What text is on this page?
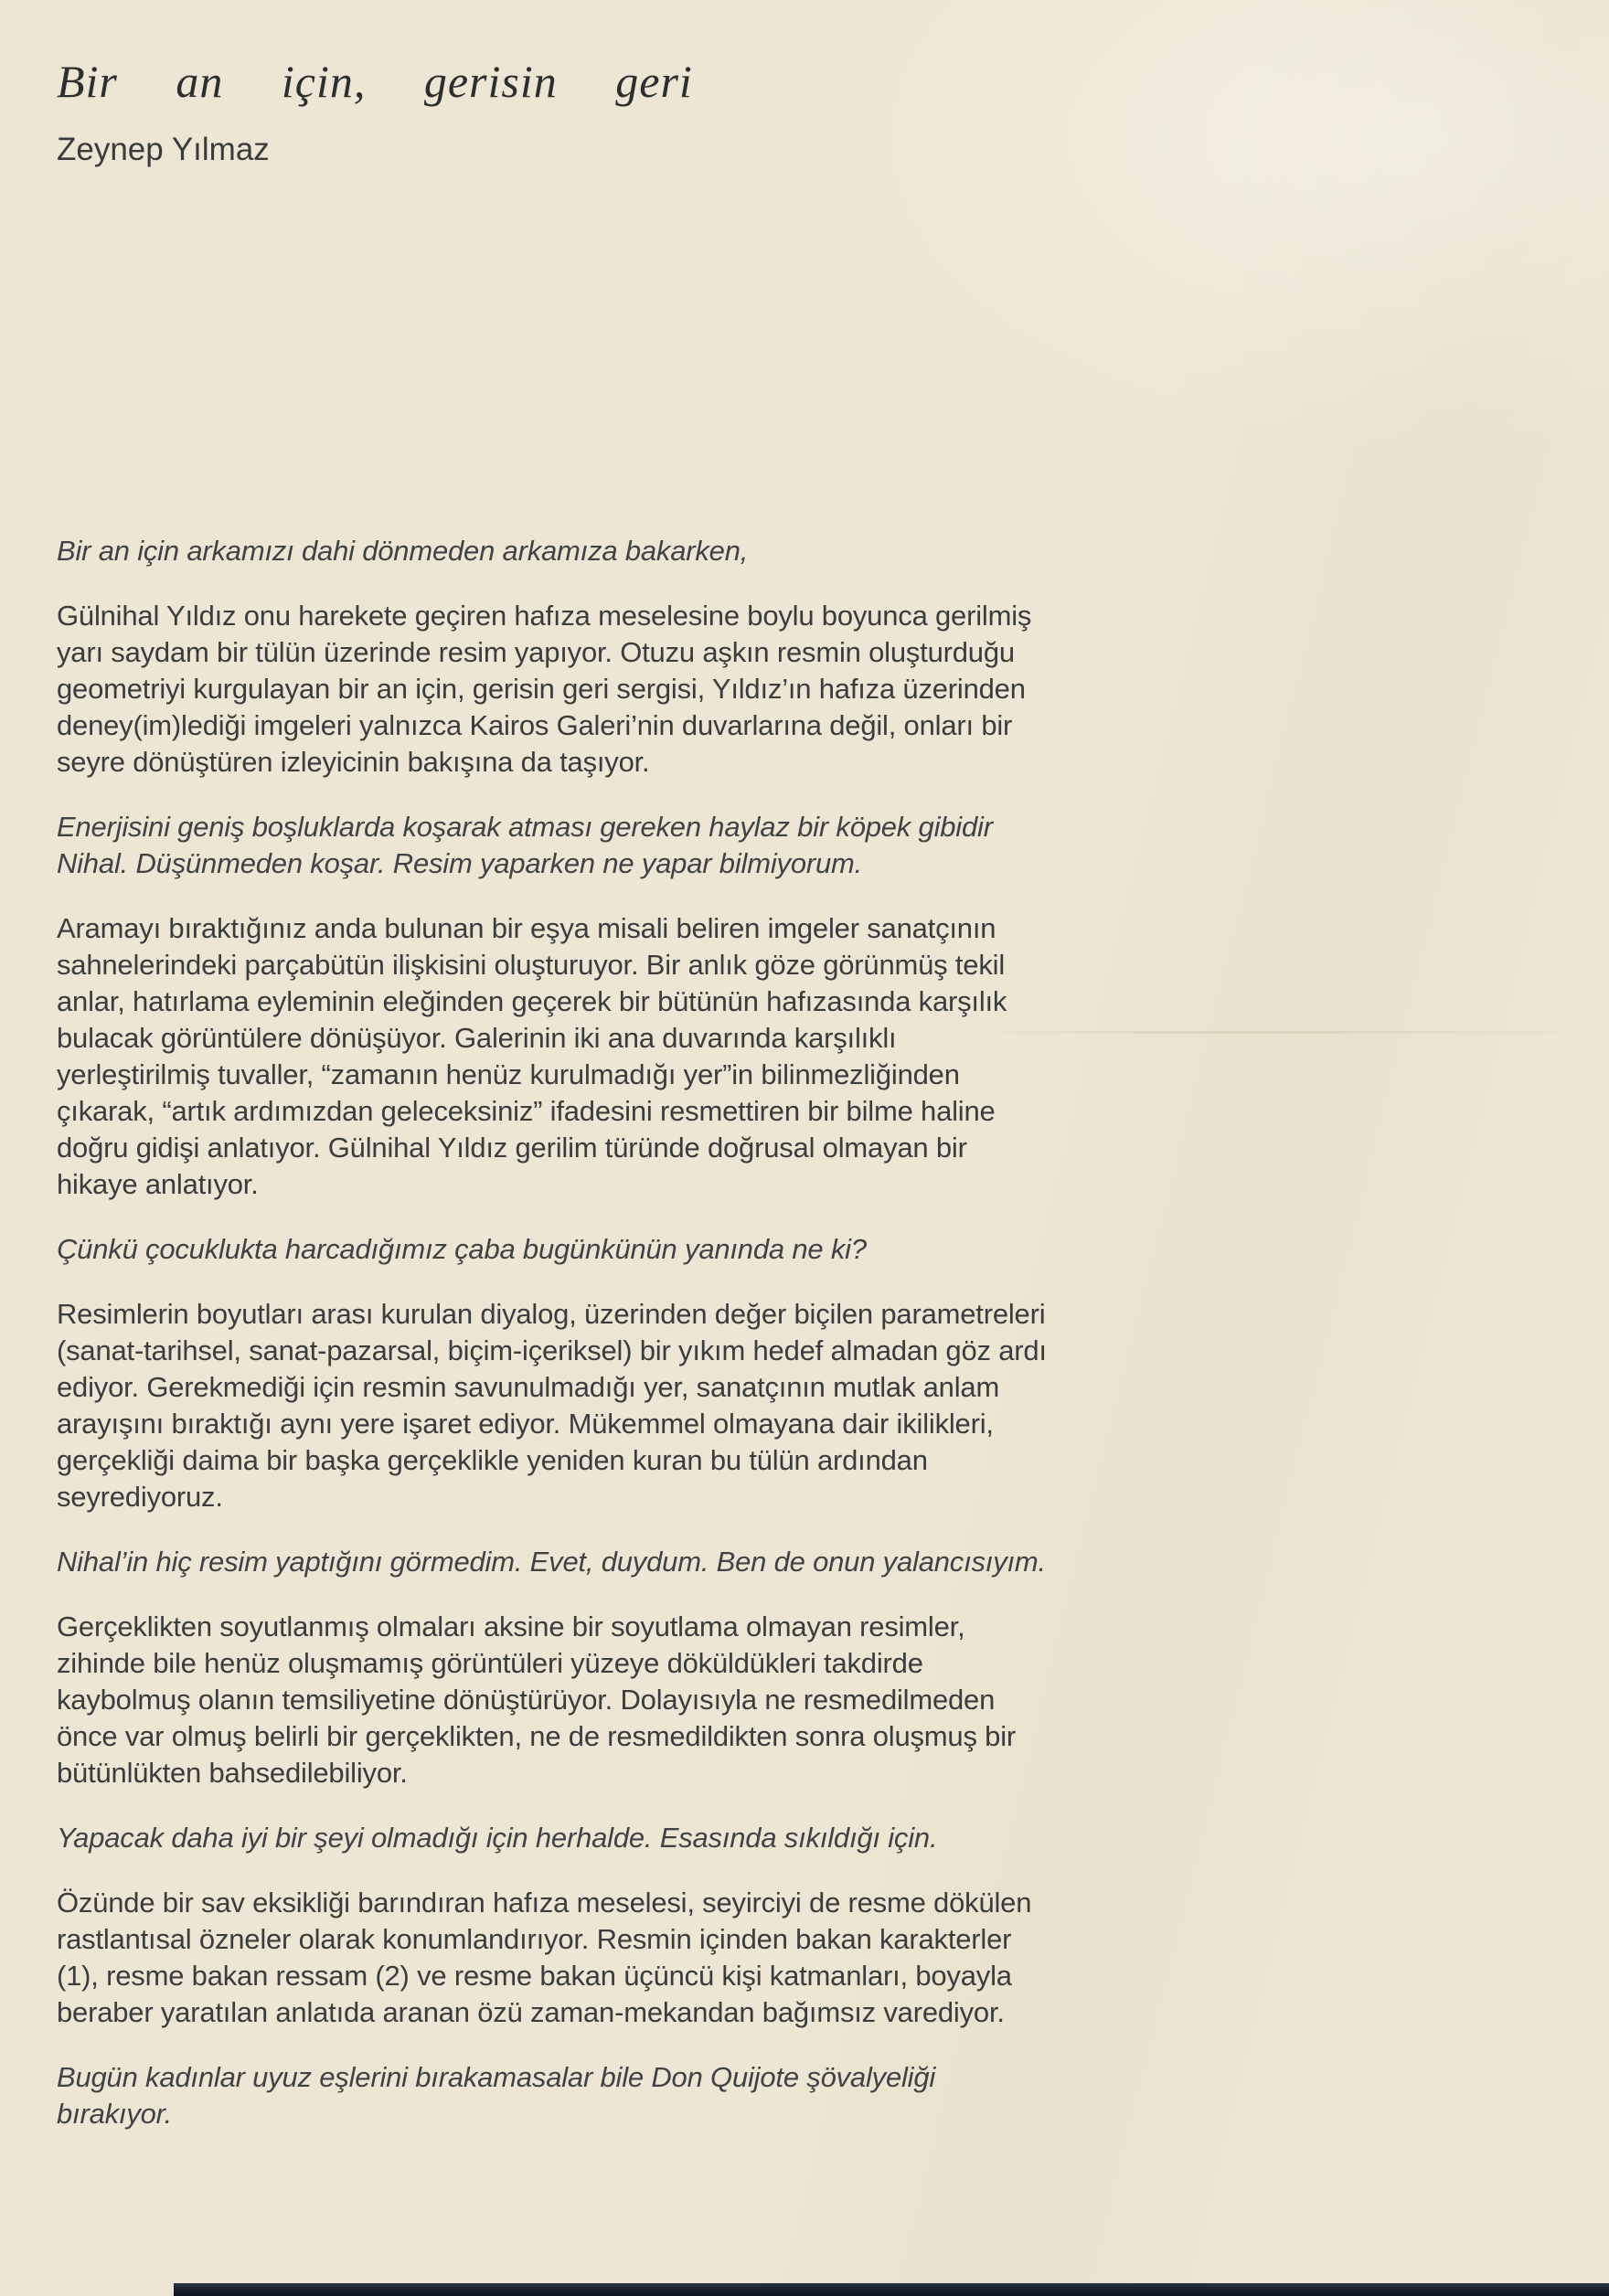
Bir an için, gerisin geri
Zeynep Yılmaz

Bir an için arkamızı dahi dönmeden arkamıza bakarken,

Gülnihal Yıldız onu harekete geçiren hafıza meselesine boylu boyunca gerilmiş yarı saydam bir tülün üzerinde resim yapıyor. Otuzu aşkın resmin oluşturduğu geometriyi kurgulayan bir an için, gerisin geri sergisi, Yıldız’ın hafıza üzerinden deney(im)lediği imgeleri yalnızca Kairos Galeri’nin duvarlarına değil, onları bir seyre dönüştüren izleyicinin bakışına da taşıyor.

Enerjisini geniş boşluklarda koşarak atması gereken haylaz bir köpek gibidir Nihal. Düşünmeden koşar. Resim yaparken ne yapar bilmiyorum.

Aramayı bıraktığınız anda bulunan bir eşya misali beliren imgeler sanatçının sahnelerindeki parçabütün ilişkisini oluşturuyor. Bir anlık göze görünmüş tekil anlar, hatırlama eyleminin eleğinden geçerek bir bütünün hafızasında karşılık bulacak görüntülere dönüşüyor. Galerinin iki ana duvarında karşılıklı yerleştirilmiş tuvaller, “zamanın henüz kurulmadığı yer”in bilinmezliğinden çıkarak, “artık ardımızdan geleceksiniz” ifadesini resmettiren bir bilme haline doğru gidişi anlatıyor. Gülnihal Yıldız gerilim türünde doğrusal olmayan bir hikaye anlatıyor.

Çünkü çocuklukta harcadığımız çaba bugünkünün yanında ne ki?

Resimlerin boyutları arası kurulan diyalog, üzerinden değer biçilen parametreleri (sanat-tarihsel, sanat-pazarsal, biçim-içeriksel) bir yıkım hedef almadan göz ardı ediyor. Gerekmediği için resmin savunulmadığı yer, sanatçının mutlak anlam arayışını bıraktığı aynı yere işaret ediyor. Mükemmel olmayana dair ikilikleri, gerçekliği daima bir başka gerçeklikle yeniden kuran bu tülün ardından seyrediyoruz.

Nihal’in hiç resim yaptığını görmedim. Evet, duydum. Ben de onun yalancısıyım.

Gerçeklikten soyutlanmış olmaları aksine bir soyutlama olmayan resimler, zihinde bile henüz oluşmamış görüntüleri yüzeye döküldükleri takdirde kaybolmuş olanın temsiliyetine dönüştürüyor. Dolayısıyla ne resmedilmeden önce var olmuş belirli bir gerçeklikten, ne de resmedildikten sonra oluşmuş bir bütünlükten bahsedilebiliyor.

Yapacak daha iyi bir şeyi olmadığı için herhalde. Esasında sıkıldığı için.

Özünde bir sav eksikliği barındıran hafıza meselesi, seyirciyi de resme dökülen rastlantısal özneler olarak konumlandırıyor. Resmin içinden bakan karakterler (1), resme bakan ressam (2) ve resme bakan üçüncü kişi katmanları, boyayla beraber yaratılan anlatıda aranan özü zaman-mekandan bağımsız varediyor.

Bugün kadınlar uyuz eşlerini bırakamasalar bile Don Quijote şövalyeliği bırakıyor.
